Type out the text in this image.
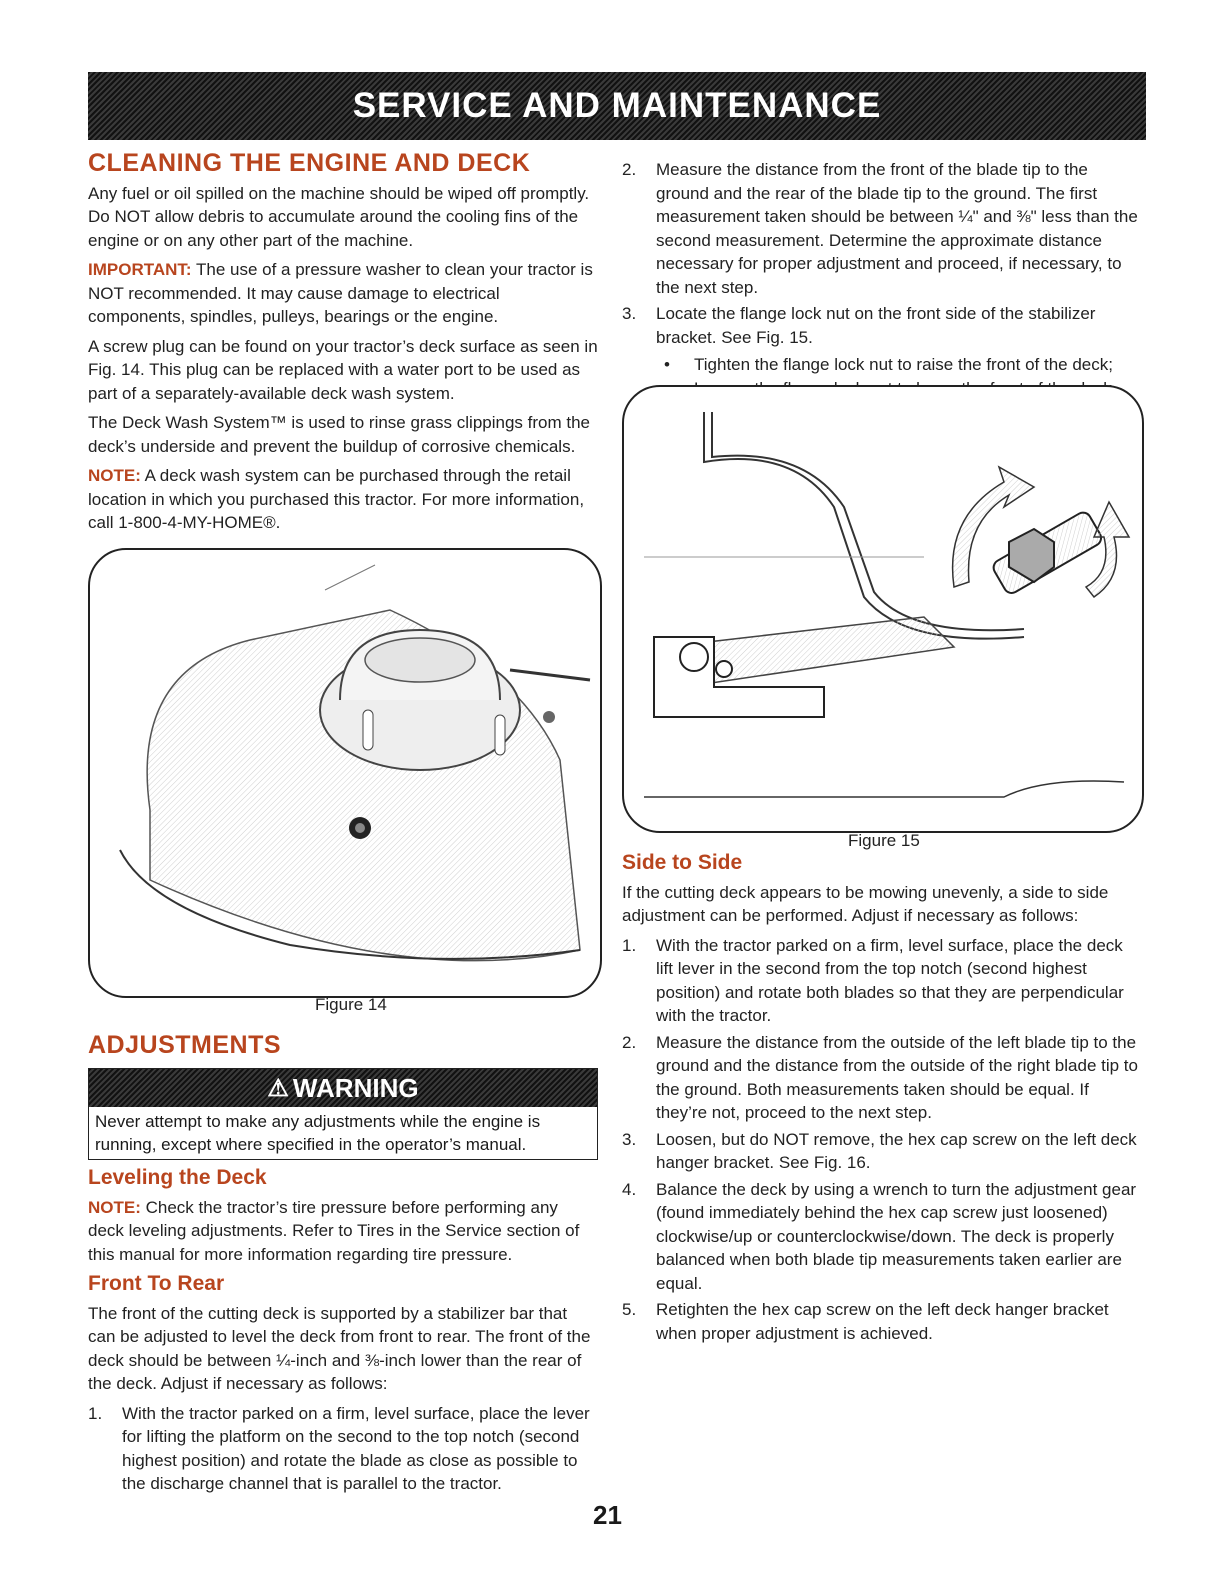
SERVICE AND MAINTENANCE
CLEANING THE ENGINE AND DECK

Any fuel or oil spilled on the machine should be wiped off promptly. Do NOT allow debris to accumulate around the cooling fins of the engine or on any other part of the machine.

IMPORTANT: The use of a pressure washer to clean your tractor is NOT recommended. It may cause damage to electrical components, spindles, pulleys, bearings or the engine.

A screw plug can be found on your tractor’s deck surface as seen in Fig. 14. This plug can be replaced with a water port to be used as part of a separately-available deck wash system.

The Deck Wash System™ is used to rinse grass clippings from the deck’s underside and prevent the buildup of corrosive chemicals.

NOTE: A deck wash system can be purchased through the retail location in which you purchased this tractor. For more information, call 1-800-4-MY-HOME®.

Figure 14
ADJUSTMENTS
⚠ WARNING
Never attempt to make any adjustments while the engine is running, except where specified in the operator’s manual.
Leveling the Deck

NOTE: Check the tractor’s tire pressure before performing any deck leveling adjustments. Refer to Tires in the Service section of this manual for more information regarding tire pressure.

Front To Rear

The front of the cutting deck is supported by a stabilizer bar that can be adjusted to level the deck from front to rear. The front of the deck should be between ¼-inch and ⅜-inch lower than the rear of the deck. Adjust if necessary as follows:

1. With the tractor parked on a firm, level surface, place the lever for lifting the platform on the second to the top notch (second highest position) and rotate the blade as close as possible to the discharge channel that is parallel to the tractor.
2. Measure the distance from the front of the blade tip to the ground and the rear of the blade tip to the ground. The first measurement taken should be between ¼" and ⅜" less than the second measurement. Determine the approximate distance necessary for proper adjustment and proceed, if necessary, to the next step.
3. Locate the flange lock nut on the front side of the stabilizer bracket. See Fig. 15.
• Tighten the flange lock nut to raise the front of the deck;
•
Figure 15
Side to Side

If the cutting deck appears to be mowing unevenly, a side to side adjustment can be performed. Adjust if necessary as follows:

1. With the tractor parked on a firm, level surface, place the deck lift lever in the second from the top notch (second highest position) and rotate both blades so that they are perpendicular with the tractor.
2. Measure the distance from the outside of the left blade tip to the ground and the distance from the outside of the right blade tip to the ground. Both measurements taken should be equal. If they’re not, proceed to the next step.
3. Loosen, but do NOT remove, the hex cap screw on the left deck hanger bracket. See Fig. 16.
4. Balance the deck by using a wrench to turn the adjustment gear (found immediately behind the hex cap screw just loosened) clockwise/up or counterclockwise/down. The deck is properly balanced when both blade tip measurements taken earlier are equal.
5. Retighten the hex cap screw on the left deck hanger bracket when proper adjustment is achieved.
21
